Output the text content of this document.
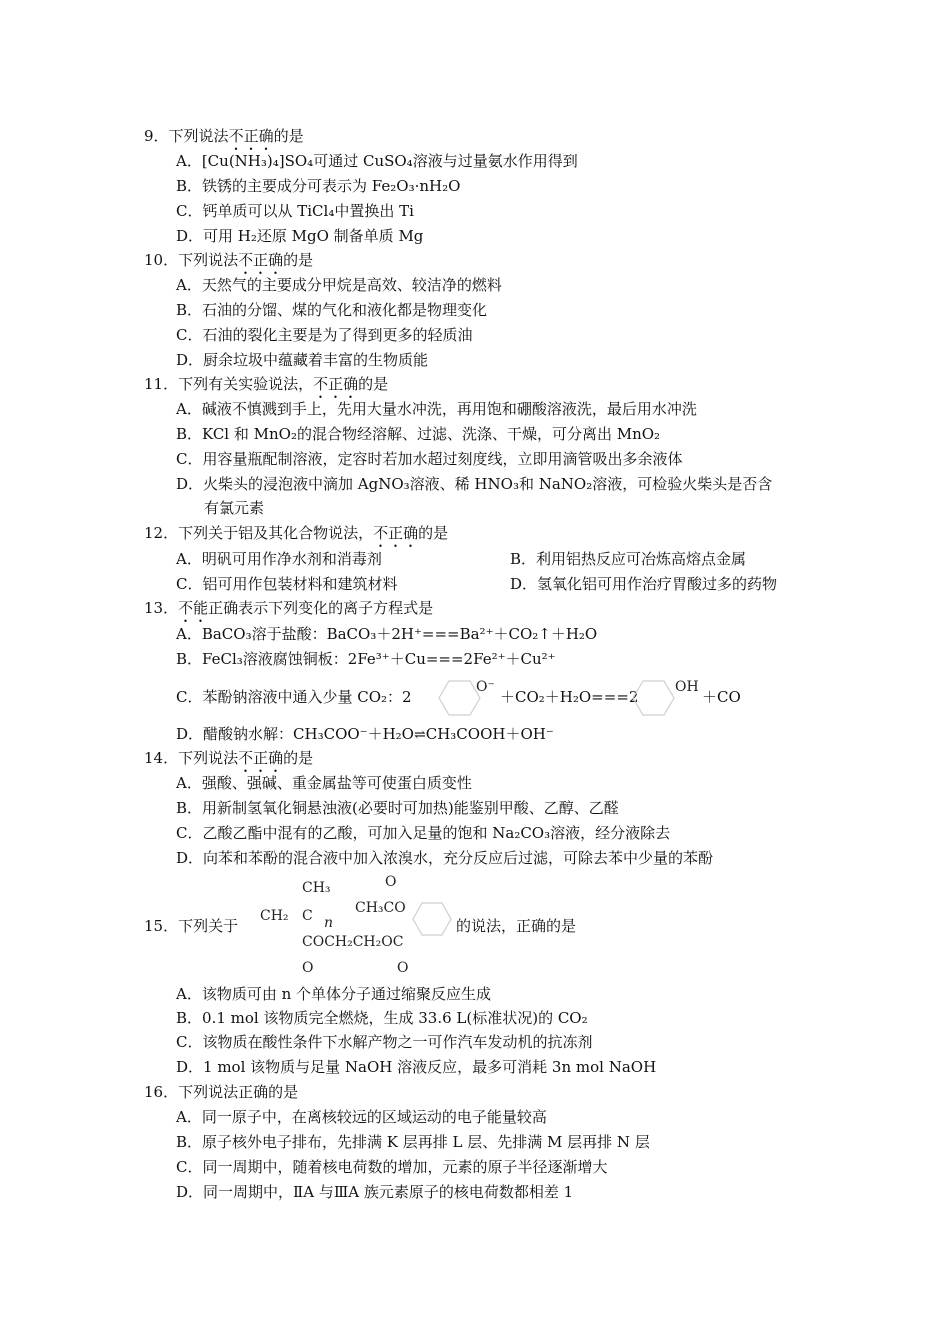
9．下列说法不正确的是
A．[Cu(NH₃)₄]SO₄可通过 CuSO₄溶液与过量氨水作用得到
B．铁锈的主要成分可表示为 Fe₂O₃·nH₂O
C．钙单质可以从 TiCl₄中置换出 Ti
D．可用 H₂还原 MgO 制备单质 Mg
10．下列说法不正确的是
A．天然气的主要成分甲烷是高效、较洁净的燃料
B．石油的分馏、煤的气化和液化都是物理变化
C．石油的裂化主要是为了得到更多的轻质油
D．厨余垃圾中蕴藏着丰富的生物质能
11．下列有关实验说法，不正确的是
A．碱液不慎溅到手上，先用大量水冲洗，再用饱和硼酸溶液洗，最后用水冲洗
B．KCl 和 MnO₂的混合物经溶解、过滤、洗涤、干燥，可分离出 MnO₂
C．用容量瓶配制溶液，定容时若加水超过刻度线，立即用滴管吸出多余液体
D．火柴头的浸泡液中滴加 AgNO₃溶液、稀 HNO₃和 NaNO₂溶液，可检验火柴头是否含
有氯元素
12．下列关于铝及其化合物说法，不正确的是
A．明矾可用作净水剂和消毒剂	B．利用铝热反应可冶炼高熔点金属
C．铝可用作包装材料和建筑材料	D．氢氧化铝可用作治疗胃酸过多的药物
13．不能正确表示下列变化的离子方程式是
A．BaCO₃溶于盐酸：BaCO₃＋2H⁺===Ba²⁺＋CO₂↑＋H₂O
B．FeCl₃溶液腐蚀铜板：2Fe³⁺＋Cu===2Fe²⁺＋Cu²⁺
C．苯酚钠溶液中通入少量 CO₂：2
O⁻
＋CO₂＋H₂O===2
OH
＋CO
D．醋酸钠水解：CH₃COO⁻＋H₂O⇌CH₃COOH＋OH⁻
14．下列说法不正确的是
A．强酸、强碱、重金属盐等可使蛋白质变性
B．用新制氢氧化铜悬浊液(必要时可加热)能鉴别甲酸、乙醇、乙醛
C．乙酸乙酯中混有的乙酸，可加入足量的饱和 Na₂CO₃溶液，经分液除去
D．向苯和苯酚的混合液中加入浓溴水，充分反应后过滤，可除去苯中少量的苯酚
15．下列关于
CH₃
CH₂ C n
O
CH₃CO
COCH₂CH₂OC
O	O
的说法，正确的是
A．该物质可由 n 个单体分子通过缩聚反应生成
B．0.1 mol 该物质完全燃烧，生成 33.6 L(标准状况)的 CO₂
C．该物质在酸性条件下水解产物之一可作汽车发动机的抗冻剂
D．1 mol 该物质与足量 NaOH 溶液反应，最多可消耗 3n mol NaOH
16．下列说法正确的是
A．同一原子中，在离核较远的区域运动的电子能量较高
B．原子核外电子排布，先排满 K 层再排 L 层、先排满 M 层再排 N 层
C．同一周期中，随着核电荷数的增加，元素的原子半径逐渐增大
D．同一周期中，ⅡA 与ⅢA 族元素原子的核电荷数都相差 1
